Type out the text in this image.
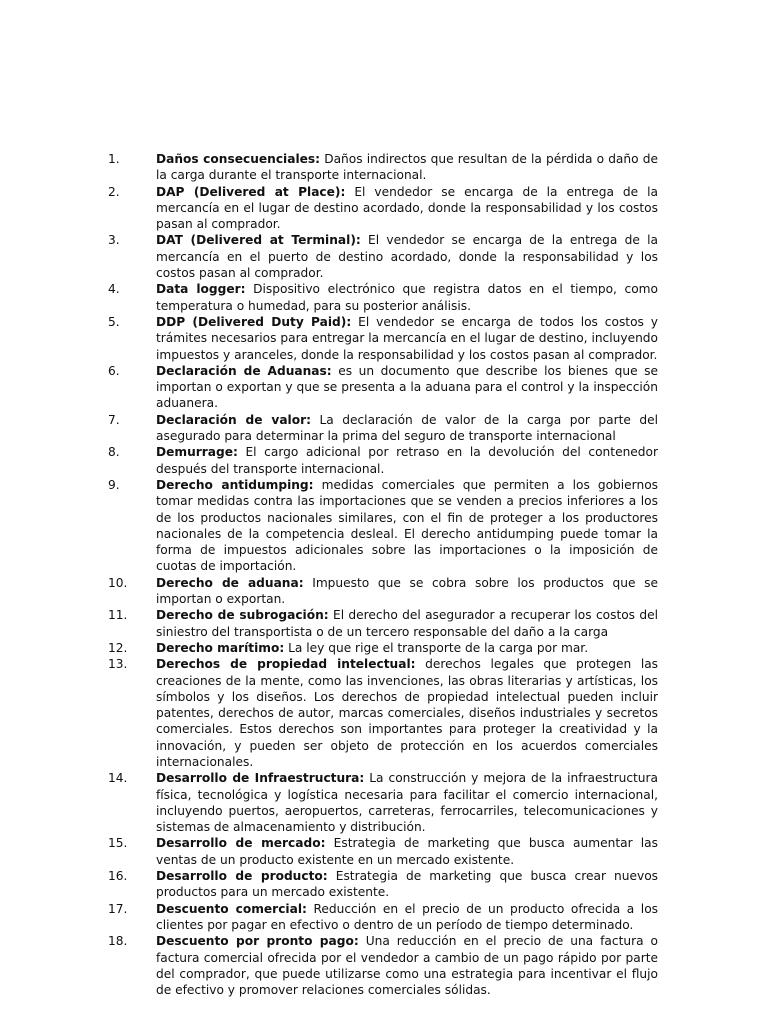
1.	Daños consecuenciales: Daños indirectos que resultan de la pérdida o daño de la carga durante el transporte internacional.
2.	DAP (Delivered at Place): El vendedor se encarga de la entrega de la mercancía en el lugar de destino acordado, donde la responsabilidad y los costos pasan al comprador.
3.	DAT (Delivered at Terminal): El vendedor se encarga de la entrega de la mercancía en el puerto de destino acordado, donde la responsabilidad y los costos pasan al comprador.
4.	Data logger: Dispositivo electrónico que registra datos en el tiempo, como temperatura o humedad, para su posterior análisis.
5.	DDP (Delivered Duty Paid): El vendedor se encarga de todos los costos y trámites necesarios para entregar la mercancía en el lugar de destino, incluyendo impuestos y aranceles, donde la responsabilidad y los costos pasan al comprador.
6.	Declaración de Aduanas: es un documento que describe los bienes que se importan o exportan y que se presenta a la aduana para el control y la inspección aduanera.
7.	Declaración de valor: La declaración de valor de la carga por parte del asegurado para determinar la prima del seguro de transporte internacional
8.	Demurrage: El cargo adicional por retraso en la devolución del contenedor después del transporte internacional.
9.	Derecho antidumping: medidas comerciales que permiten a los gobiernos tomar medidas contra las importaciones que se venden a precios inferiores a los de los productos nacionales similares, con el fin de proteger a los productores nacionales de la competencia desleal. El derecho antidumping puede tomar la forma de impuestos adicionales sobre las importaciones o la imposición de cuotas de importación.
10.	Derecho de aduana: Impuesto que se cobra sobre los productos que se importan o exportan.
11.	Derecho de subrogación: El derecho del asegurador a recuperar los costos del siniestro del transportista o de un tercero responsable del daño a la carga
12.	Derecho marítimo: La ley que rige el transporte de la carga por mar.
13.	Derechos de propiedad intelectual: derechos legales que protegen las creaciones de la mente, como las invenciones, las obras literarias y artísticas, los símbolos y los diseños. Los derechos de propiedad intelectual pueden incluir patentes, derechos de autor, marcas comerciales, diseños industriales y secretos comerciales. Estos derechos son importantes para proteger la creatividad y la innovación, y pueden ser objeto de protección en los acuerdos comerciales internacionales.
14.	Desarrollo de Infraestructura: La construcción y mejora de la infraestructura física, tecnológica y logística necesaria para facilitar el comercio internacional, incluyendo puertos, aeropuertos, carreteras, ferrocarriles, telecomunicaciones y sistemas de almacenamiento y distribución.
15.	Desarrollo de mercado: Estrategia de marketing que busca aumentar las ventas de un producto existente en un mercado existente.
16.	Desarrollo de producto: Estrategia de marketing que busca crear nuevos productos para un mercado existente.
17.	Descuento comercial: Reducción en el precio de un producto ofrecida a los clientes por pagar en efectivo o dentro de un período de tiempo determinado.
18.	Descuento por pronto pago: Una reducción en el precio de una factura o factura comercial ofrecida por el vendedor a cambio de un pago rápido por parte del comprador, que puede utilizarse como una estrategia para incentivar el flujo de efectivo y promover relaciones comerciales sólidas.
